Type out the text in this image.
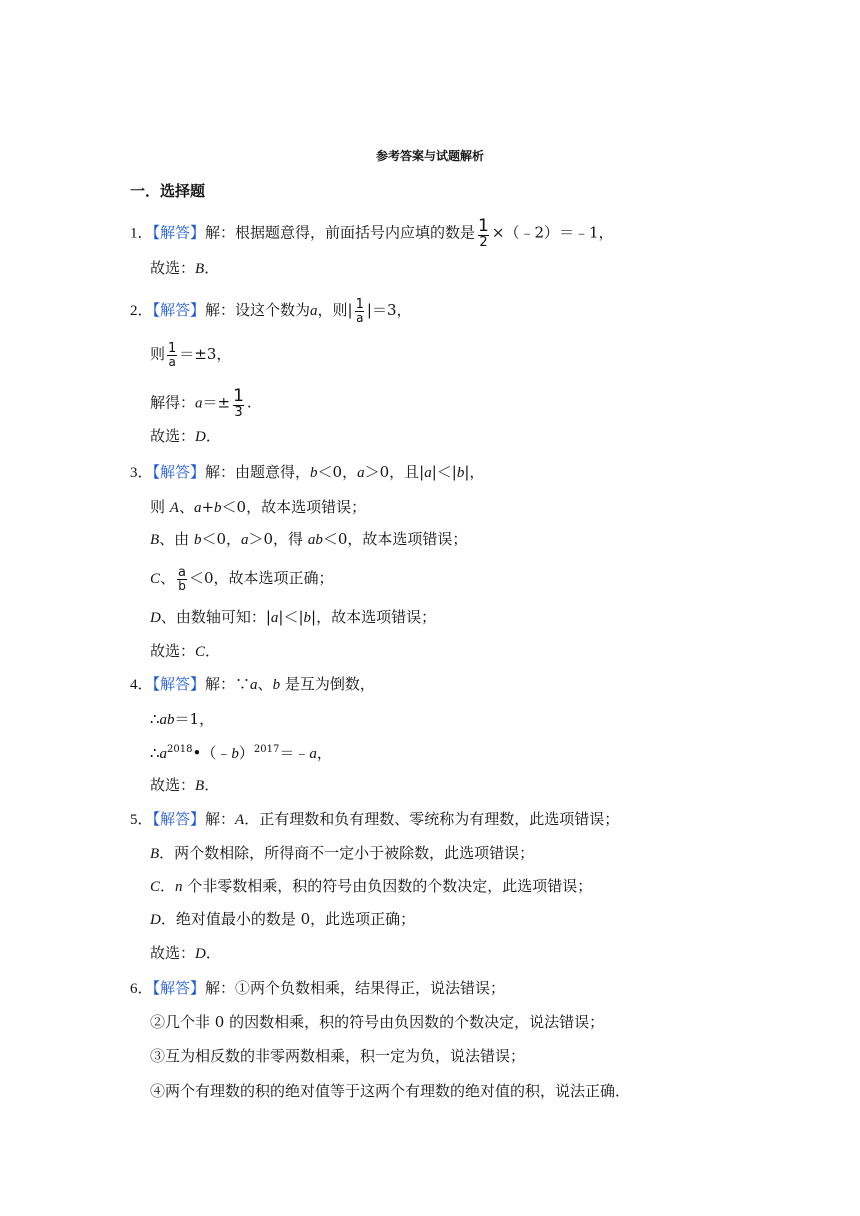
参考答案与试题解析
一．选择题
1．【解答】解：根据题意得，前面括号内应填的数是 $\frac{1}{2}$ ×（﹣2）＝﹣1，
故选：B．
2．【解答】解：设这个数为a，则| $\frac{1}{a} |=3$，
则 $\frac{1}{a} =\pm 3$，
解得：$a=\pm \frac{1}{3}$ .
故选：D．
3．【解答】解：由题意得，b＜0，a＞0，且|a|＜|b|，
则 A、a+b＜0，故本选项错误；
B、由 b＜0，a＞0，得 ab＜0，故本选项错误；
C、 $\frac{a}{b} <0$，故本选项正确；
D、由数轴可知：|a|＜|b|，故本选项错误；
故选：C．
4．【解答】解：∵a、b 是互为倒数，
∴ab＝1，
$\therefore a^{2018}•(﹣b)^{2017}=﹣a$，
故选：B．
5．【解答】解：A．正有理数和负有理数、零统称为有理数，此选项错误；
B．两个数相除，所得商不一定小于被除数，此选项错误；
C．n 个非零数相乘，积的符号由负因数的个数决定，此选项错误；
D．绝对值最小的数是 0，此选项正确；
故选：D．
6．【解答】解：①两个负数相乘，结果得正，说法错误；
②几个非 0 的因数相乘，积的符号由负因数的个数决定，说法错误；
③互为相反数的非零两数相乘，积一定为负，说法错误；
④两个有理数的积的绝对值等于这两个有理数的绝对值的积，说法正确．
